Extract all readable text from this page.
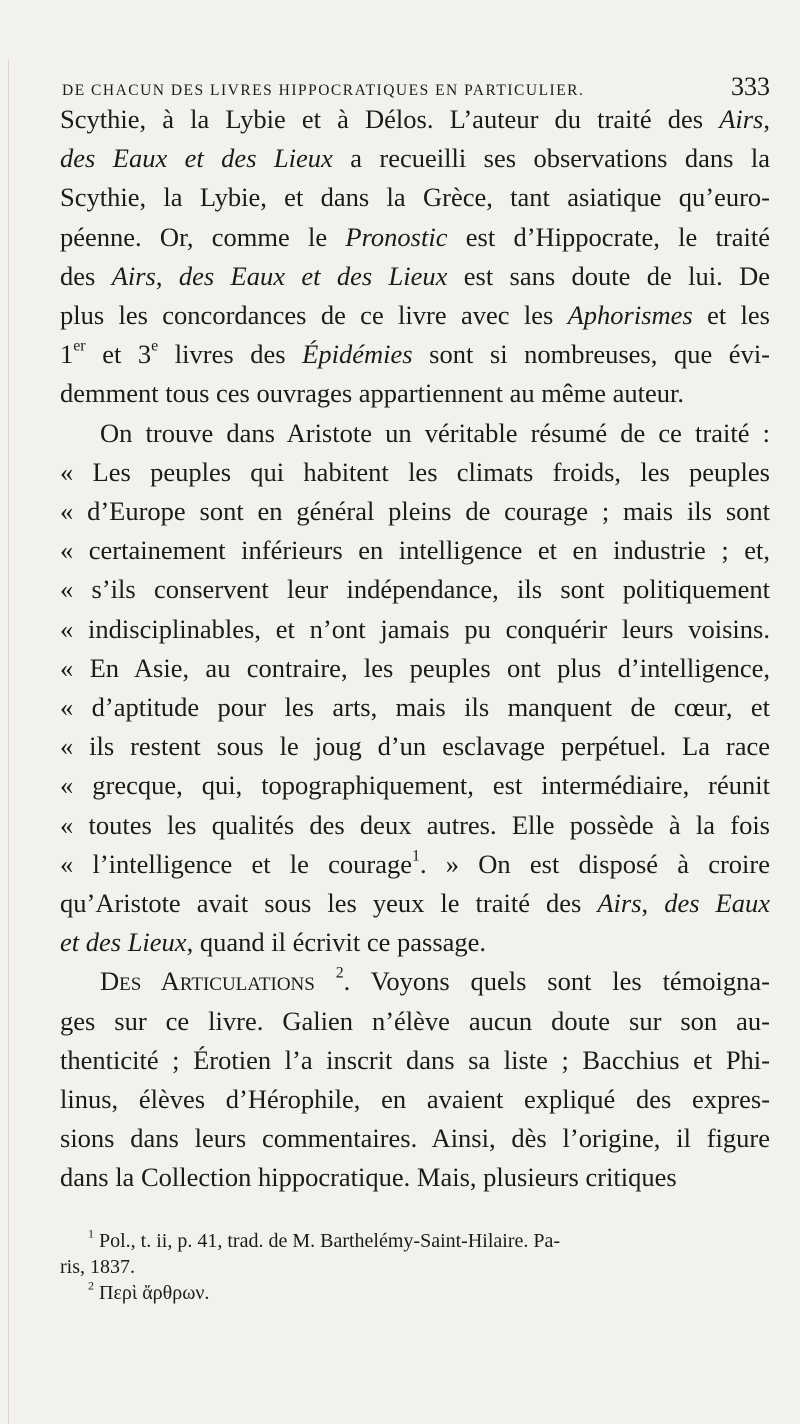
DE CHACUN DES LIVRES HIPPOCRATIQUES EN PARTICULIER.	333
Scythie, à la Lybie et à Délos. L’auteur du traité des Airs,
des Eaux et des Lieux a recueilli ses observations dans la
Scythie, la Lybie, et dans la Grèce, tant asiatique qu’euro-
péenne. Or, comme le Pronostic est d’Hippocrate, le traité
des Airs, des Eaux et des Lieux est sans doute de lui. De
plus les concordances de ce livre avec les Aphorismes et les
1er et 3e livres des Épidémies sont si nombreuses, que évi-
demment tous ces ouvrages appartiennent au même auteur.
On trouve dans Aristote un véritable résumé de ce traité :
« Les peuples qui habitent les climats froids, les peuples
« d’Europe sont en général pleins de courage ; mais ils sont
« certainement inférieurs en intelligence et en industrie ; et,
« s’ils conservent leur indépendance, ils sont politiquement
« indisciplinables, et n’ont jamais pu conquérir leurs voisins.
« En Asie, au contraire, les peuples ont plus d’intelligence,
« d’aptitude pour les arts, mais ils manquent de cœur, et
« ils restent sous le joug d’un esclavage perpétuel. La race
« grecque, qui, topographiquement, est intermédiaire, réunit
« toutes les qualités des deux autres. Elle possède à la fois
« l’intelligence et le courage$^1$. » On est disposé à croire
qu’Aristote avait sous les yeux le traité des Airs, des Eaux
et des Lieux, quand il écrivit ce passage.
Des Articulations $^2$. Voyons quels sont les témoigna-
ges sur ce livre. Galien n’élève aucun doute sur son au-
thenticité ; Érotien l’a inscrit dans sa liste ; Bacchius et Phi-
linus, élèves d’Hérophile, en avaient expliqué des expres-
sions dans leurs commentaires. Ainsi, dès l’origine, il figure
dans la Collection hippocratique. Mais, plusieurs critiques
$^1$ Pol., t. ii, p. 41, trad. de M. Barthelémy-Saint-Hilaire. Pa-
ris, 1837.
$^2$ Περὶ ἄρθρων.
